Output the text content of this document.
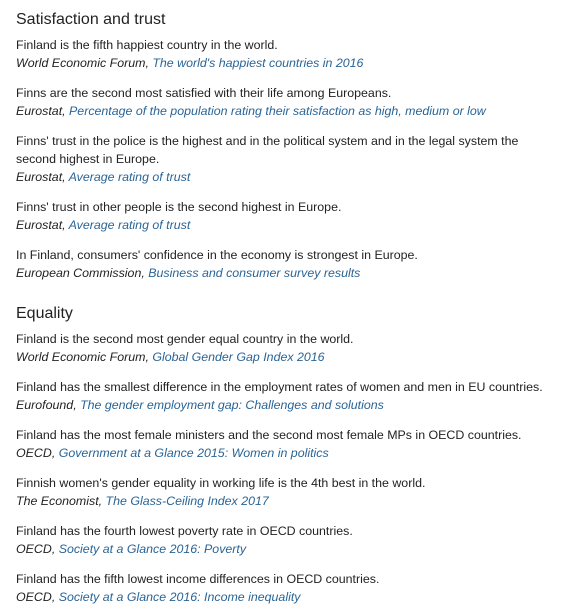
Satisfaction and trust
Finland is the fifth happiest country in the world.
World Economic Forum, The world's happiest countries in 2016
Finns are the second most satisfied with their life among Europeans.
Eurostat, Percentage of the population rating their satisfaction as high, medium or low
Finns' trust in the police is the highest and in the political system and in the legal system the second highest in Europe.
Eurostat, Average rating of trust
Finns' trust in other people is the second highest in Europe.
Eurostat, Average rating of trust
In Finland, consumers' confidence in the economy is strongest in Europe.
European Commission, Business and consumer survey results
Equality
Finland is the second most gender equal country in the world.
World Economic Forum, Global Gender Gap Index 2016
Finland has the smallest difference in the employment rates of women and men in EU countries.
Eurofound, The gender employment gap: Challenges and solutions
Finland has the most female ministers and the second most female MPs in OECD countries.
OECD, Government at a Glance 2015: Women in politics
Finnish women's gender equality in working life is the 4th best in the world.
The Economist, The Glass-Ceiling Index 2017
Finland has the fourth lowest poverty rate in OECD countries.
OECD, Society at a Glance 2016: Poverty
Finland has the fifth lowest income differences in OECD countries.
OECD, Society at a Glance 2016: Income inequality
